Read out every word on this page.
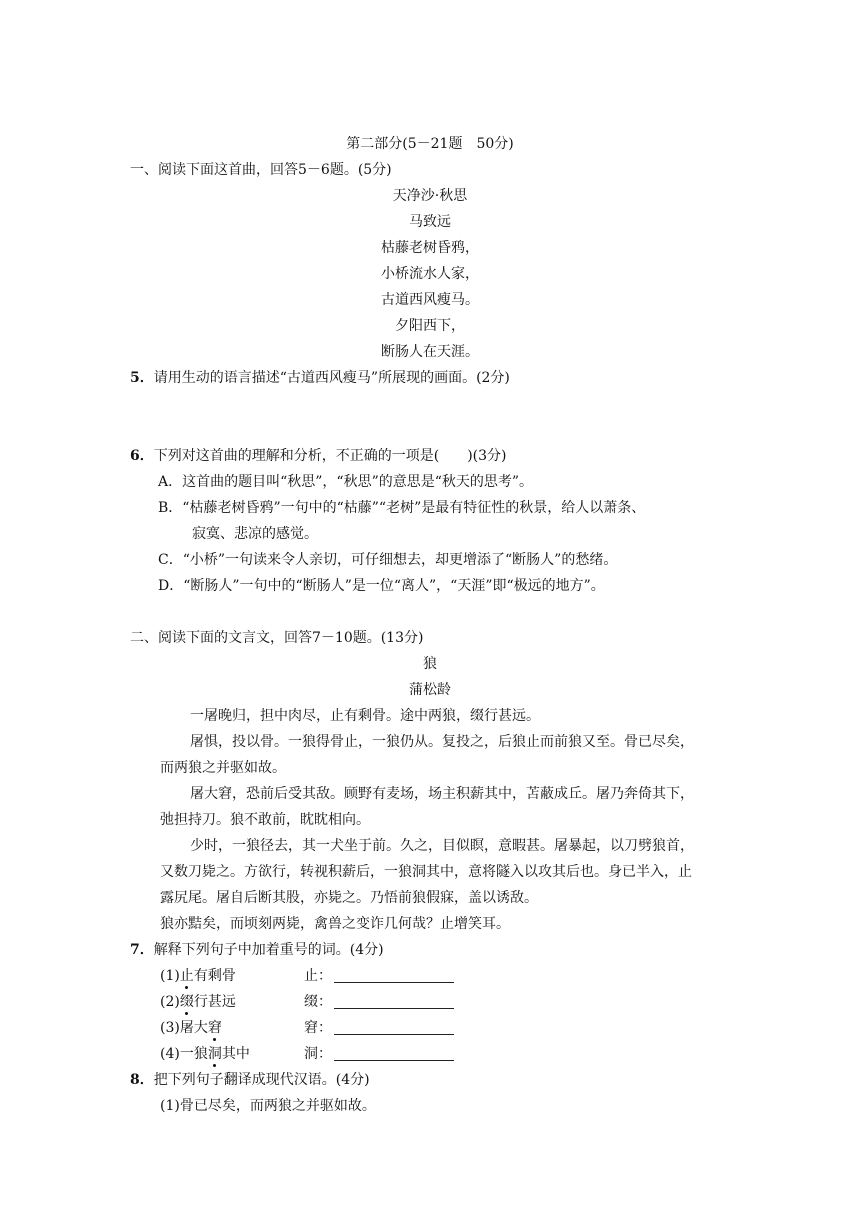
第二部分(5－21题　50分)
一、阅读下面这首曲，回答5－6题。(5分)
天净沙·秋思
马致远
枯藤老树昏鸦，
小桥流水人家，
古道西风瘦马。
夕阳西下，
断肠人在天涯。
5．请用生动的语言描述“古道西风瘦马”所展现的画面。(2分)
6．下列对这首曲的理解和分析，不正确的一项是(　　)(3分)
A．这首曲的题目叫“秋思”，“秋思”的意思是“秋天的思考”。
B．“枯藤老树昏鸦”一句中的“枯藤”“老树”是最有特征性的秋景，给人以萧条、
寂寞、悲凉的感觉。
C．“小桥”一句读来令人亲切，可仔细想去，却更增添了“断肠人”的愁绪。
D．“断肠人”一句中的“断肠人”是一位“离人”，“天涯”即“极远的地方”。
二、阅读下面的文言文，回答7－10题。(13分)
狼
蒲松龄
一屠晚归，担中肉尽，止有剩骨。途中两狼，缀行甚远。
屠惧，投以骨。一狼得骨止，一狼仍从。复投之，后狼止而前狼又至。骨已尽矣，
而两狼之并驱如故。
屠大窘，恐前后受其敌。顾野有麦场，场主积薪其中，苫蔽成丘。屠乃奔倚其下，
弛担持刀。狼不敢前，眈眈相向。
少时，一狼径去，其一犬坐于前。久之，目似瞑，意暇甚。屠暴起，以刀劈狼首，
又数刀毙之。方欲行，转视积薪后，一狼洞其中，意将隧入以攻其后也。身已半入，止
露尻尾。屠自后断其股，亦毙之。乃悟前狼假寐，盖以诱敌。
狼亦黠矣，而顷刻两毙，禽兽之变诈几何哉？止增笑耳。
7．解释下列句子中加着重号的词。(4分)
(1)止有剩骨	止：
(2)缀行甚远	缀：
(3)屠大窘	窘：
(4)一狼洞其中	洞：
8．把下列句子翻译成现代汉语。(4分)
(1)骨已尽矣，而两狼之并驱如故。
